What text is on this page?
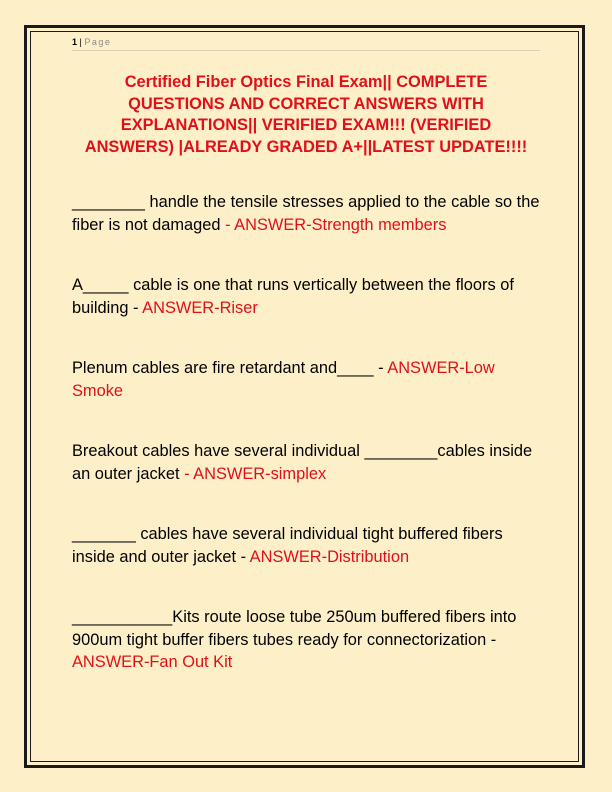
1 | Page
Certified Fiber Optics Final Exam|| COMPLETE QUESTIONS AND CORRECT ANSWERS WITH EXPLANATIONS|| VERIFIED EXAM!!! (VERIFIED ANSWERS) |ALREADY GRADED A+||LATEST UPDATE!!!!
________ handle the tensile stresses applied to the cable so the fiber is not damaged - ANSWER-Strength members
A_____ cable is one that runs vertically between the floors of building - ANSWER-Riser
Plenum cables are fire retardant and____ - ANSWER-Low Smoke
Breakout cables have several individual ________cables inside an outer jacket - ANSWER-simplex
_______ cables have several individual tight buffered fibers inside and outer jacket - ANSWER-Distribution
___________Kits route loose tube 250um buffered fibers into 900um tight buffer fibers tubes ready for connectorization - ANSWER-Fan Out Kit
